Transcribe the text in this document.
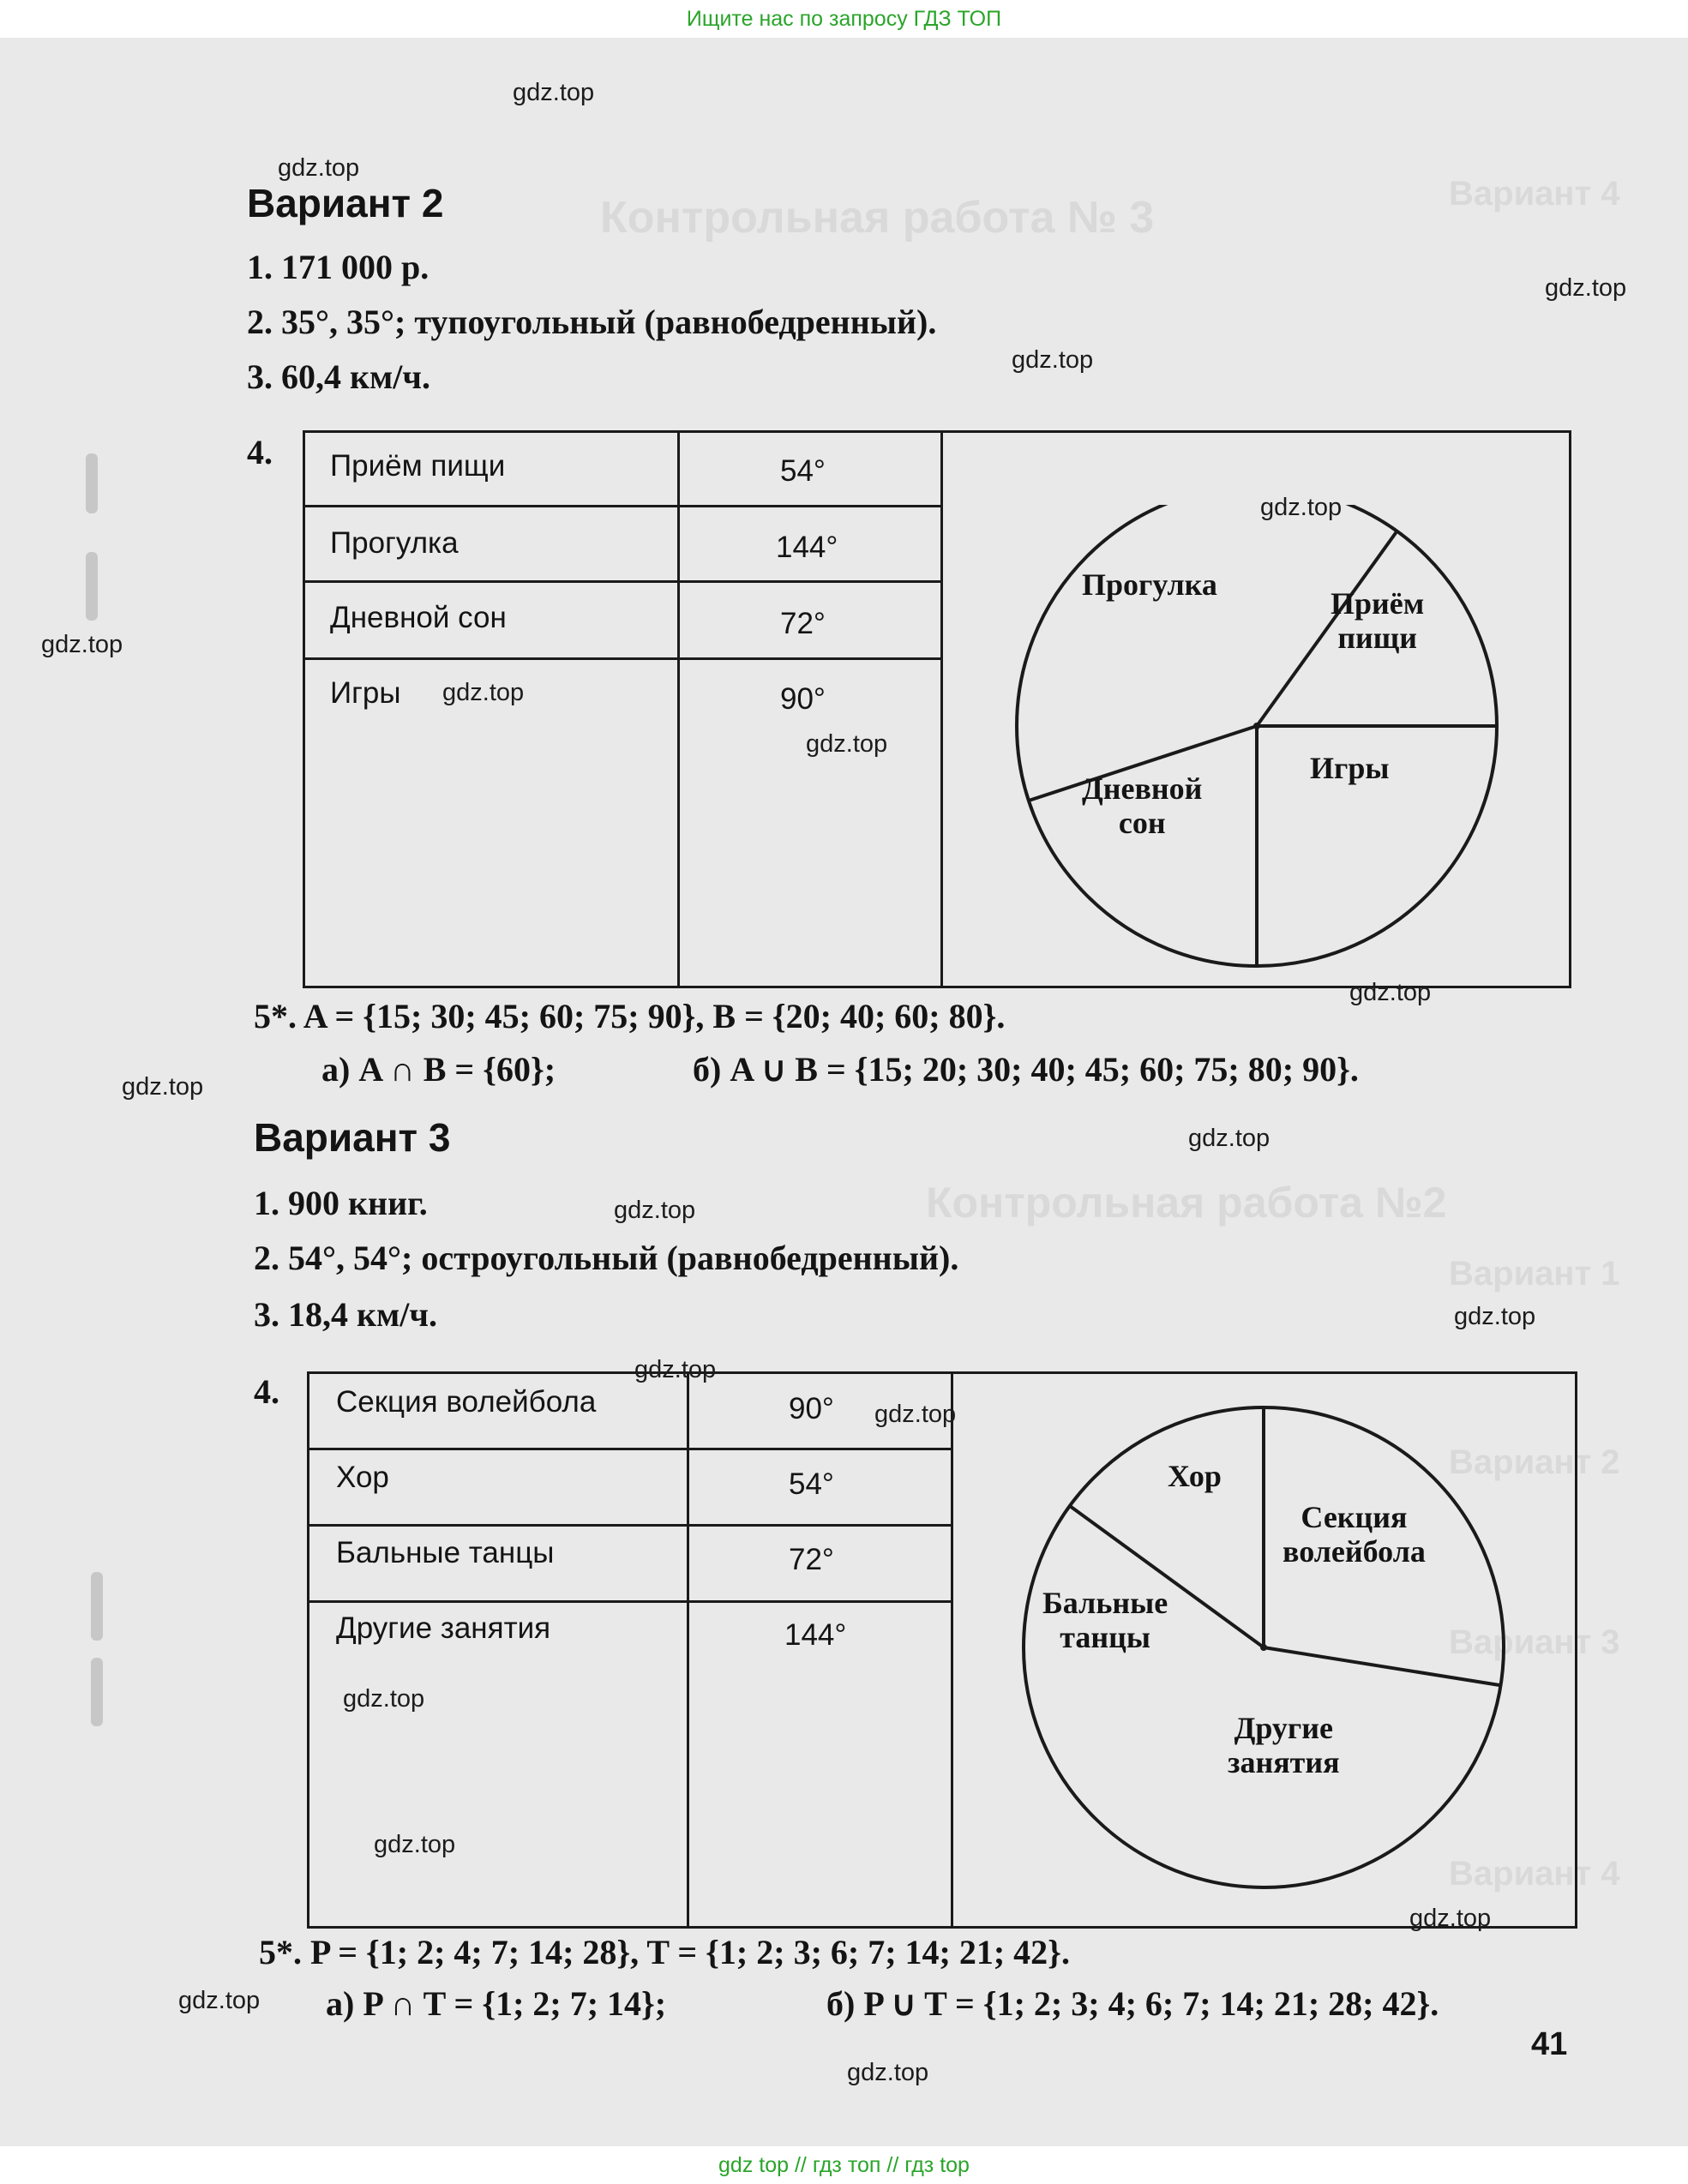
Ищите нас по запросу ГДЗ ТОП
Вариант 4
Контрольная работа № 3
Контрольная работа №2
Вариант 1
Вариант 2
Вариант 3
Вариант 4
Вариант 2
1. 171 000 р.
2. 35°, 35°; тупоугольный (равнобедренный).
3. 60,4 км/ч.
4. Приём пищи	54°
Прогулка	144°
Дневной сон	72°
Игры	90°
Прогулка
Приём
пищи
Игры
Дневной
сон
5*. A = {15; 30; 45; 60; 75; 90}, B = {20; 40; 60; 80}.
а) A ∩ B = {60};	б) A ∪ B = {15; 20; 30; 40; 45; 60; 75; 80; 90}.
Вариант 3
1. 900 книг.
2. 54°, 54°; остроугольный (равнобедренный).
3. 18,4 км/ч.
4. Секция волейбола	90°
Хор	54°
Бальные танцы	72°
Другие занятия	144°
Хор
Секция
волейбола
Бальные
танцы
Другие
занятия
5*. P = {1; 2; 4; 7; 14; 28}, T = {1; 2; 3; 6; 7; 14; 21; 42}.
а) P ∩ T = {1; 2; 7; 14};	б) P ∪ T = {1; 2; 3; 4; 6; 7; 14; 21; 28; 42}.
41
gdz.top
gdz.top
gdz.top
gdz.top
gdz.top
gdz.top
gdz.top
gdz.top
gdz.top
gdz.top
gdz.top
gdz.top
gdz.top
gdz.top
gdz.top
gdz.top
gdz.top
gdz.top
gdz.top
gdz.top
gdz top // гдз топ // гдз top
